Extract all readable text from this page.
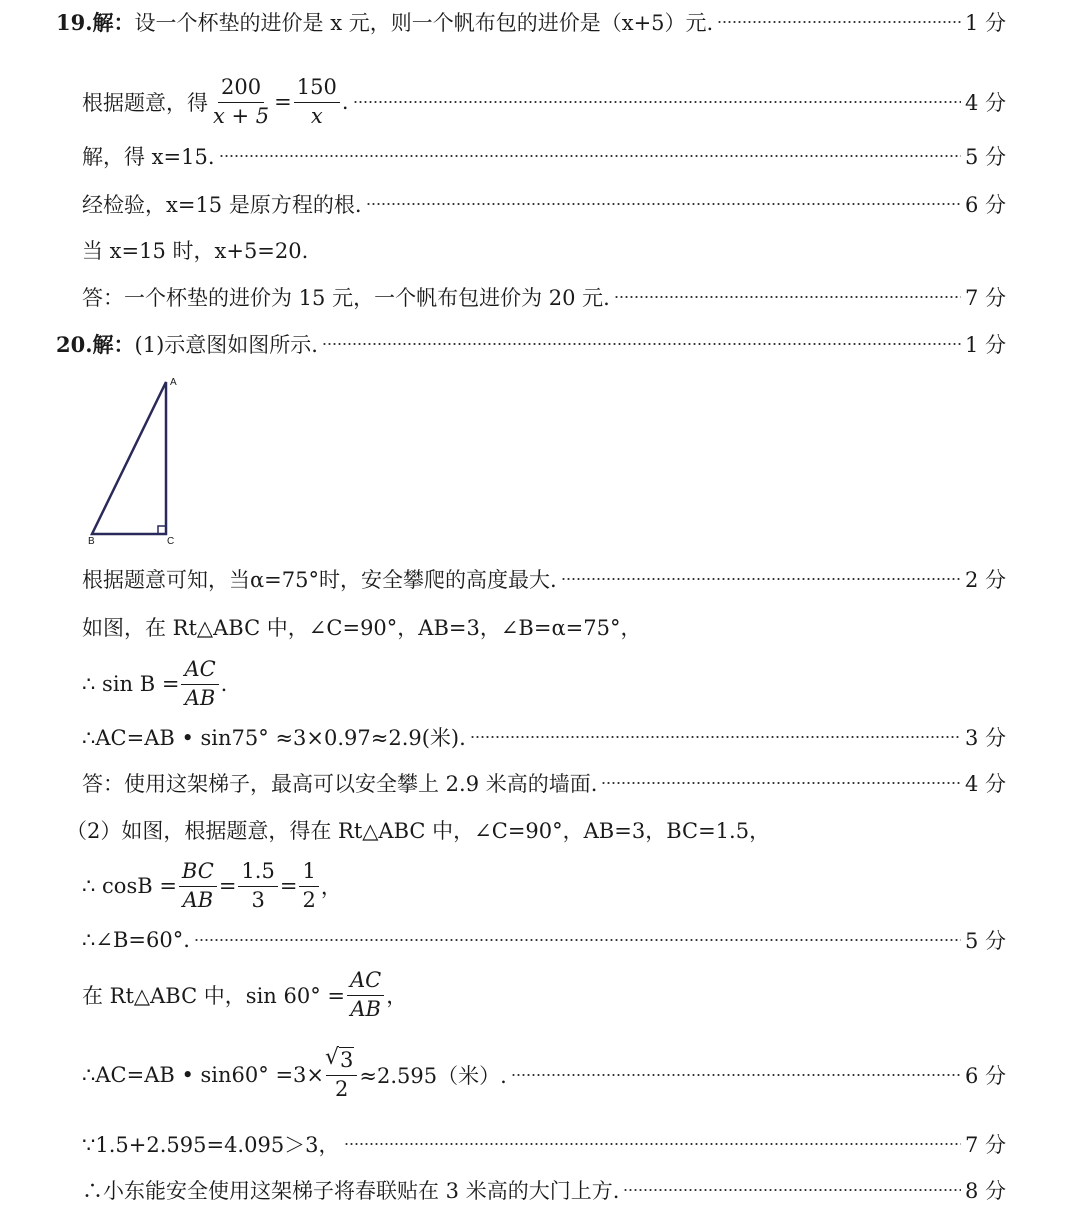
19.解： 设一个杯垫的进价是 x 元，则一个帆布包的进价是（x+5）元.	1 分
根据题意，得 $\frac{200}{x + 5} = \frac{150}{x}$ .	4 分
解，得 x=15.	5 分
经检验，x=15 是原方程的根.	6 分
当 x=15 时，x+5=20.
答：一个杯垫的进价为 15 元，一个帆布包进价为 20 元.	7 分
20.解： (1)示意图如图所示.	1 分
A
B	C
根据题意可知，当α=75°时，安全攀爬的高度最大.	2 分
如图，在 Rt△ABC 中，∠C=90°，AB=3，∠B=α=75°，
∴ $\sin B = \frac{AC}{AB}$ .
∴AC=AB • sin75° ≈3×0.97≈2.9(米).	3 分
答：使用这架梯子，最高可以安全攀上 2.9 米高的墙面.	4 分
（2）如图，根据题意，得在 Rt△ABC 中，∠C=90°，AB=3，BC=1.5，
∴ $\cos B = \frac{BC}{AB} = \frac{1.5}{3} = \frac{1}{2}$ ，
∴∠B=60°.	5 分
在 Rt△ABC 中，$\sin 60^\circ = \frac{AC}{AB}$ ，
∴AC=AB • sin60° =3×
√ $\frac{3}{2} \approx 2.595$（米）.	6 分
∵1.5+2.595=4.095＞3，	7 分
∴小东能安全使用这架梯子将春联贴在 3 米高的大门上方.	8 分
